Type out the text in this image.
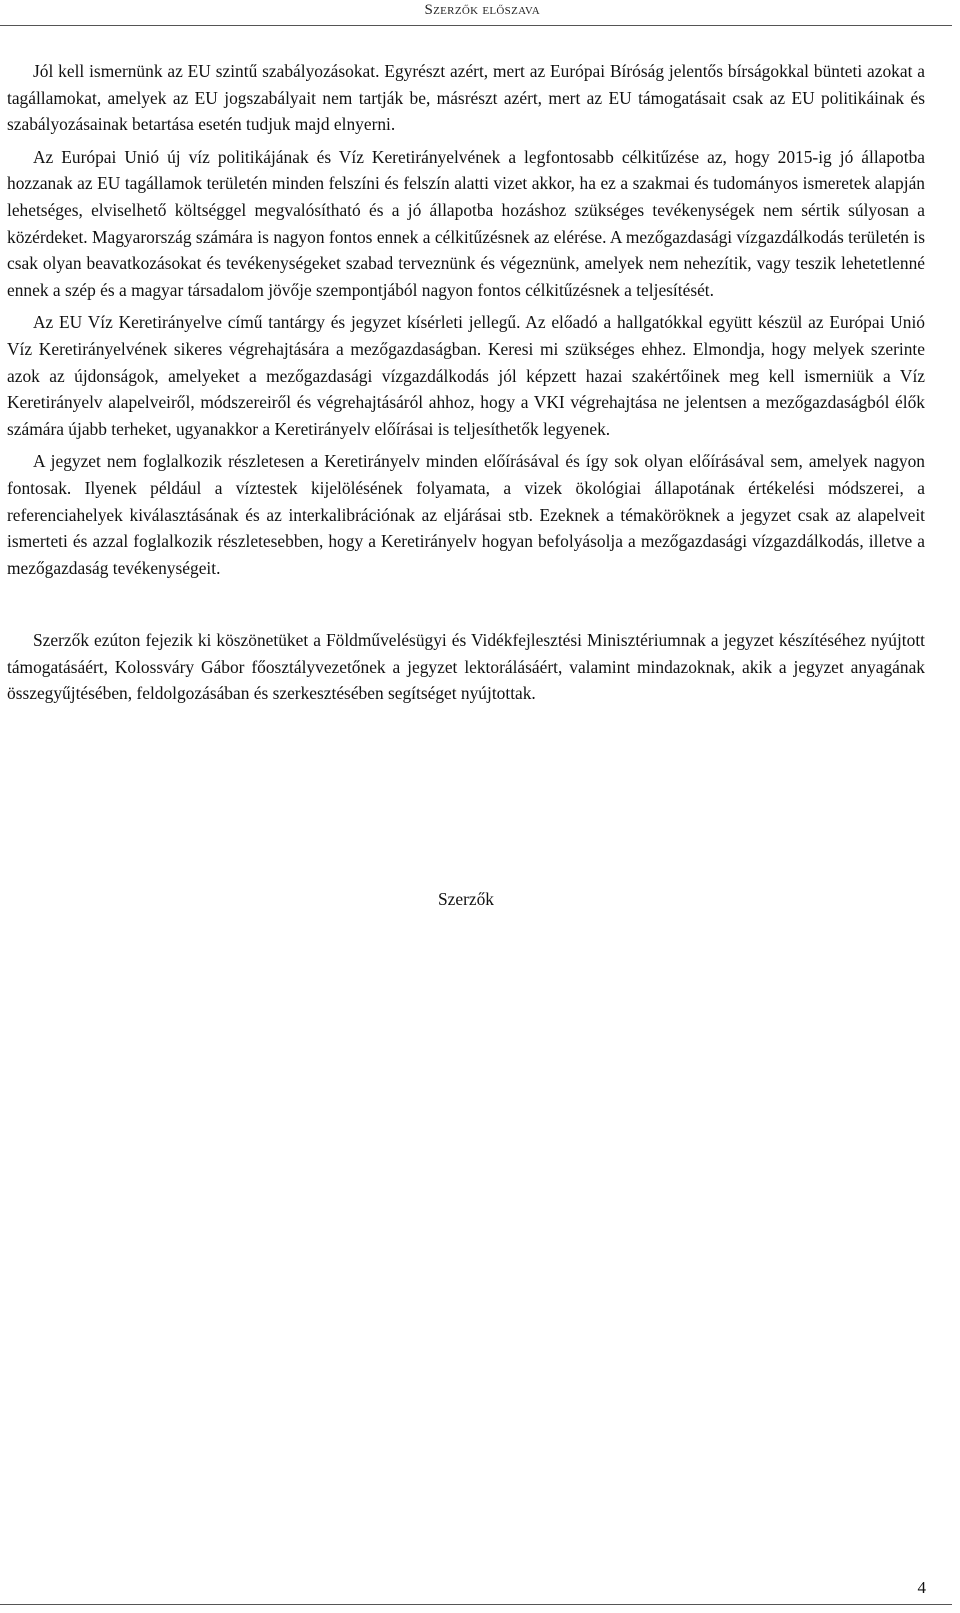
Szerzők előszava

Jól kell ismernünk az EU szintű szabályozásokat. Egyrészt azért, mert az Európai Bíróság jelentős bírságokkal bünteti azokat a tagállamokat, amelyek az EU jogszabályait nem tartják be, másrészt azért, mert az EU támogatásait csak az EU politikáinak és szabályozásainak betartása esetén tudjuk majd elnyerni.

Az Európai Unió új víz politikájának és Víz Keretirányelvének a legfontosabb célkitűzése az, hogy 2015-ig jó állapotba hozzanak az EU tagállamok területén minden felszíni és felszín alatti vizet akkor, ha ez a szakmai és tudományos ismeretek alapján lehetséges, elviselhető költséggel megvalósítható és a jó állapotba hozáshoz szükséges tevékenységek nem sértik súlyosan a közérdeket. Magyarország számára is nagyon fontos ennek a célkitűzésnek az elérése. A mezőgazdasági vízgazdálkodás területén is csak olyan beavatkozásokat és tevékenységeket szabad terveznünk és végeznünk, amelyek nem nehezítik, vagy teszik lehetetlenné ennek a szép és a magyar társadalom jövője szempontjából nagyon fontos célkitűzésnek a teljesítését.

Az EU Víz Keretirányelve című tantárgy és jegyzet kísérleti jellegű. Az előadó a hallgatókkal együtt készül az Európai Unió Víz Keretirányelvének sikeres végrehajtására a mezőgazdaságban. Keresi mi szükséges ehhez. Elmondja, hogy melyek szerinte azok az újdonságok, amelyeket a mezőgazdasági vízgazdálkodás jól képzett hazai szakértőinek meg kell ismerniük a Víz Keretirányelv alapelveiről, módszereiről és végrehajtásáról ahhoz, hogy a VKI végrehajtása ne jelentsen a mezőgazdaságból élők számára újabb terheket, ugyanakkor a Keretirányelv előírásai is teljesíthetők legyenek.

A jegyzet nem foglalkozik részletesen a Keretirányelv minden előírásával és így sok olyan előírásával sem, amelyek nagyon fontosak. Ilyenek például a víztestek kijelölésének folyamata, a vizek ökológiai állapotának értékelési módszerei, a referenciahelyek kiválasztásának és az interkalibrációnak az eljárásai stb. Ezeknek a témaköröknek a jegyzet csak az alapelveit ismerteti és azzal foglalkozik részletesebben, hogy a Keretirányelv hogyan befolyásolja a mezőgazdasági vízgazdálkodás, illetve a mezőgazdaság tevékenységeit.

Szerzők ezúton fejezik ki köszönetüket a Földművelésügyi és Vidékfejlesztési Minisztériumnak a jegyzet készítéséhez nyújtott támogatásáért, Kolossváry Gábor főosztályvezetőnek a jegyzet lektorálásáért, valamint mindazoknak, akik a jegyzet anyagának összegyűjtésében, feldolgozásában és szerkesztésében segítséget nyújtottak.

Szerzők
4
